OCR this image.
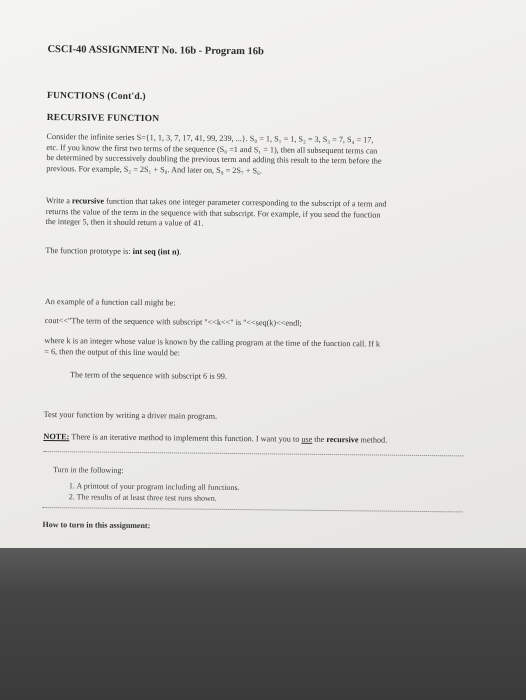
CSCI-40 ASSIGNMENT No. 16b - Program 16b
FUNCTIONS (Cont'd.)
RECURSIVE FUNCTION
Consider the infinite series S={1, 1, 3, 7, 17, 41, 99, 239, ...}. S₀ = 1, S₁ = 1, S₂ = 3, S₃ = 7, S₄ = 17,
etc. If you know the first two terms of the sequence (S₀ =1 and S₁ = 1), then all subsequent terms can
be determined by successively doubling the previous term and adding this result to the term before the
previous. For example, S₂ = 2S₁ + S₀. And later on, S₈ = 2S₇ + S₆.
Write a recursive function that takes one integer parameter corresponding to the subscript of a term and
returns the value of the term in the sequence with that subscript. For example, if you send the function
the integer 5, then it should return a value of 41.
The function prototype is: int seq (int n).
An example of a function call might be:
cout<<"The term of the sequence with subscript "<<k<<" is "<<seq(k)<<endl;
where k is an integer whose value is known by the calling program at the time of the function call. If k
= 6, then the output of this line would be:
The term of the sequence with subscript 6 is 99.
Test your function by writing a driver main program.
NOTE: There is an iterative method to implement this function. I want you to use the recursive method.
Turn in the following:
1. A printout of your program including all functions.
2. The results of at least three test runs shown.
How to turn in this assignment:
